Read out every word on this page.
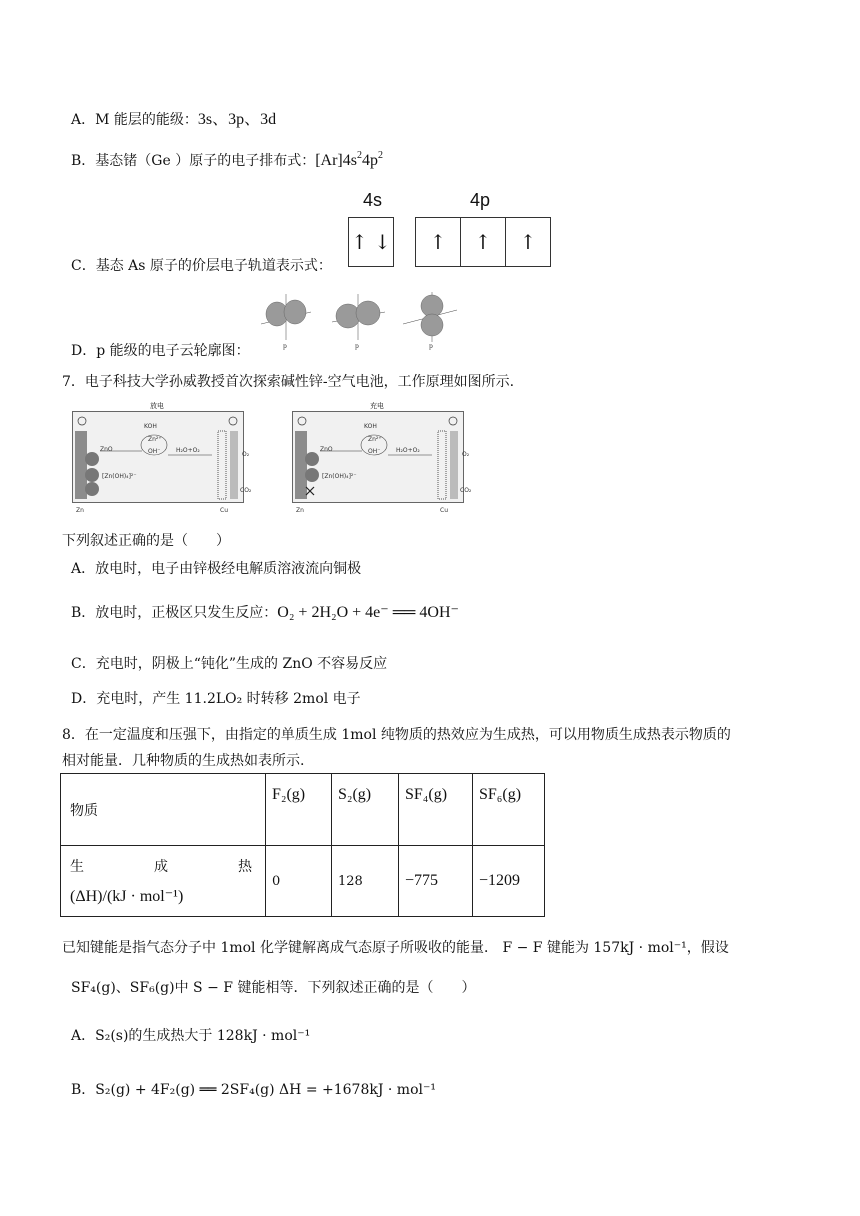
A．M 能层的能级：3s、3p、3d
B．基态锗（Ge ）原子的电子排布式：$[Ar]4s^24p^2$
4s	4p
↑ ↓	↑	↑	↑
C．基态 As 原子的价层电子轨道表示式：
p	p	p
D．p 能级的电子云轮廓图：
7．电子科技大学孙威教授首次探索碱性锌-空气电池，工作原理如图所示.
放电
KOH
ZnO
Zn²⁺
OH⁻	H₂O+O₂
[Zn(OH)₄]²⁻
Zn
O₂
CO₂
Cu
充电
KOH
ZnO
Zn²⁺
OH⁻	H₂O+O₂
[Zn(OH)₄]²⁻
Zn
O₂
CO₂
Cu
下列叙述正确的是（　　）
A．放电时，电子由锌极经电解质溶液流向铜极
B．放电时，正极区只发生反应：O₂ + 2H₂O + 4e⁻ ══ 4OH⁻
C．充电时，阴极上“钝化”生成的 ZnO 不容易反应
D．充电时，产生 11.2LO₂ 时转移 2mol 电子
8．在一定温度和压强下，由指定的单质生成 1mol 纯物质的热效应为生成热，可以用物质生成热表示物质的
相对能量．几种物质的生成热如表所示.
物质	F₂(g)	S₂(g)	SF₄(g)	SF₆(g)

生　　　　　成　　　　　热
(ΔH)/(kJ · mol⁻¹)	0	128	−775	−1209
已知键能是指气态分子中 1mol 化学键解离成气态原子所吸收的能量． F − F 键能为 157kJ · mol⁻¹，假设
SF₄(g)、SF₆(g)中 S − F 键能相等．下列叙述正确的是（　　）
A．S₂(s)的生成热大于 128kJ · mol⁻¹
B．S₂(g) + 4F₂(g) ══ 2SF₄(g) ΔH = +1678kJ · mol⁻¹
